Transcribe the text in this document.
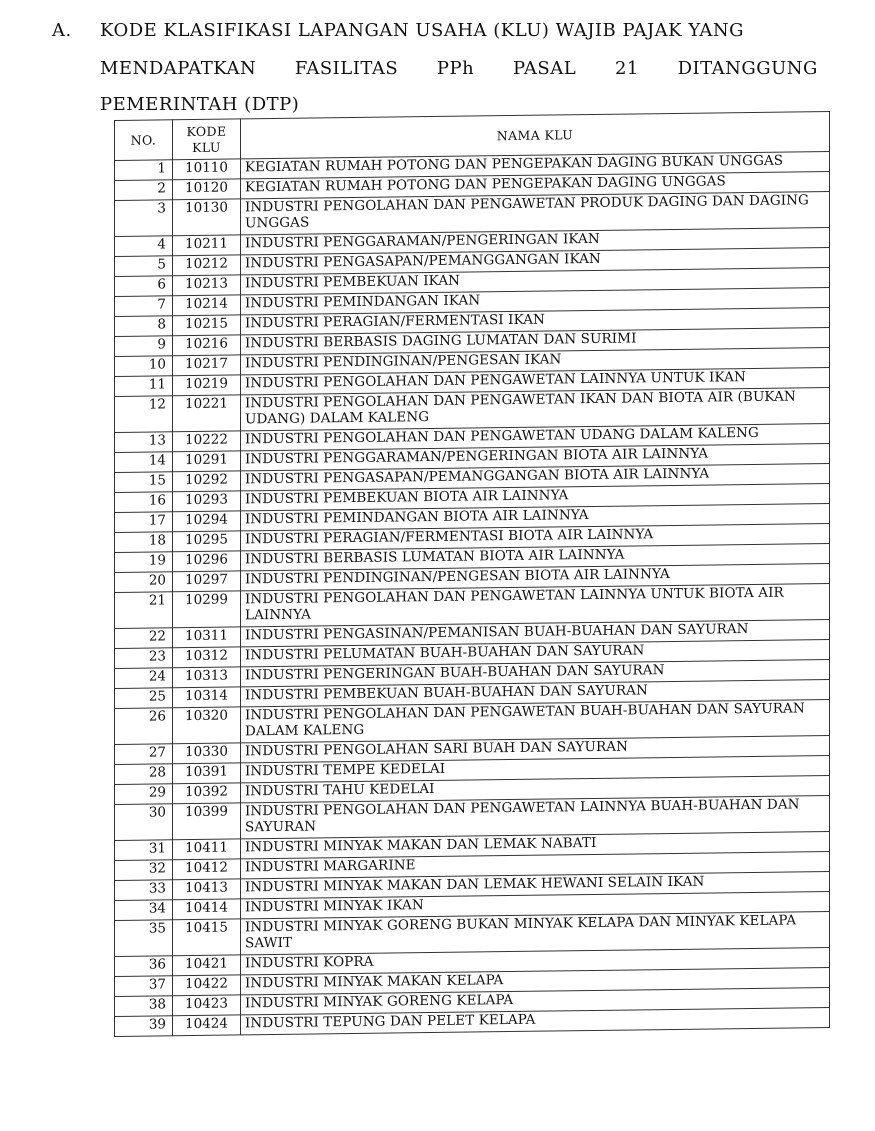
A. KODE KLASIFIKASI LAPANGAN USAHA (KLU) WAJIB PAJAK YANG
MENDAPATKAN FASILITAS PPh PASAL 21 DITANGGUNG
PEMERINTAH (DTP)
NO.	KODE KLU	NAMA KLU
1	10110	KEGIATAN RUMAH POTONG DAN PENGEPAKAN DAGING BUKAN UNGGAS
2	10120	KEGIATAN RUMAH POTONG DAN PENGEPAKAN DAGING UNGGAS
3	10130	INDUSTRI PENGOLAHAN DAN PENGAWETAN PRODUK DAGING DAN DAGING UNGGAS
4	10211	INDUSTRI PENGGARAMAN/PENGERINGAN IKAN
5	10212	INDUSTRI PENGASAPAN/PEMANGGANGAN IKAN
6	10213	INDUSTRI PEMBEKUAN IKAN
7	10214	INDUSTRI PEMINDANGAN IKAN
8	10215	INDUSTRI PERAGIAN/FERMENTASI IKAN
9	10216	INDUSTRI BERBASIS DAGING LUMATAN DAN SURIMI
10	10217	INDUSTRI PENDINGINAN/PENGESAN IKAN
11	10219	INDUSTRI PENGOLAHAN DAN PENGAWETAN LAINNYA UNTUK IKAN
12	10221	INDUSTRI PENGOLAHAN DAN PENGAWETAN IKAN DAN BIOTA AIR (BUKAN UDANG) DALAM KALENG
13	10222	INDUSTRI PENGOLAHAN DAN PENGAWETAN UDANG DALAM KALENG
14	10291	INDUSTRI PENGGARAMAN/PENGERINGAN BIOTA AIR LAINNYA
15	10292	INDUSTRI PENGASAPAN/PEMANGGANGAN BIOTA AIR LAINNYA
16	10293	INDUSTRI PEMBEKUAN BIOTA AIR LAINNYA
17	10294	INDUSTRI PEMINDANGAN BIOTA AIR LAINNYA
18	10295	INDUSTRI PERAGIAN/FERMENTASI BIOTA AIR LAINNYA
19	10296	INDUSTRI BERBASIS LUMATAN BIOTA AIR LAINNYA
20	10297	INDUSTRI PENDINGINAN/PENGESAN BIOTA AIR LAINNYA
21	10299	INDUSTRI PENGOLAHAN DAN PENGAWETAN LAINNYA UNTUK BIOTA AIR LAINNYA
22	10311	INDUSTRI PENGASINAN/PEMANISAN BUAH-BUAHAN DAN SAYURAN
23	10312	INDUSTRI PELUMATAN BUAH-BUAHAN DAN SAYURAN
24	10313	INDUSTRI PENGERINGAN BUAH-BUAHAN DAN SAYURAN
25	10314	INDUSTRI PEMBEKUAN BUAH-BUAHAN DAN SAYURAN
26	10320	INDUSTRI PENGOLAHAN DAN PENGAWETAN BUAH-BUAHAN DAN SAYURAN DALAM KALENG
27	10330	INDUSTRI PENGOLAHAN SARI BUAH DAN SAYURAN
28	10391	INDUSTRI TEMPE KEDELAI
29	10392	INDUSTRI TAHU KEDELAI
30	10399	INDUSTRI PENGOLAHAN DAN PENGAWETAN LAINNYA BUAH-BUAHAN DAN SAYURAN
31	10411	INDUSTRI MINYAK MAKAN DAN LEMAK NABATI
32	10412	INDUSTRI MARGARINE
33	10413	INDUSTRI MINYAK MAKAN DAN LEMAK HEWANI SELAIN IKAN
34	10414	INDUSTRI MINYAK IKAN
35	10415	INDUSTRI MINYAK GORENG BUKAN MINYAK KELAPA DAN MINYAK KELAPA SAWIT
36	10421	INDUSTRI KOPRA
37	10422	INDUSTRI MINYAK MAKAN KELAPA
38	10423	INDUSTRI MINYAK GORENG KELAPA
39	10424	INDUSTRI TEPUNG DAN PELET KELAPA
